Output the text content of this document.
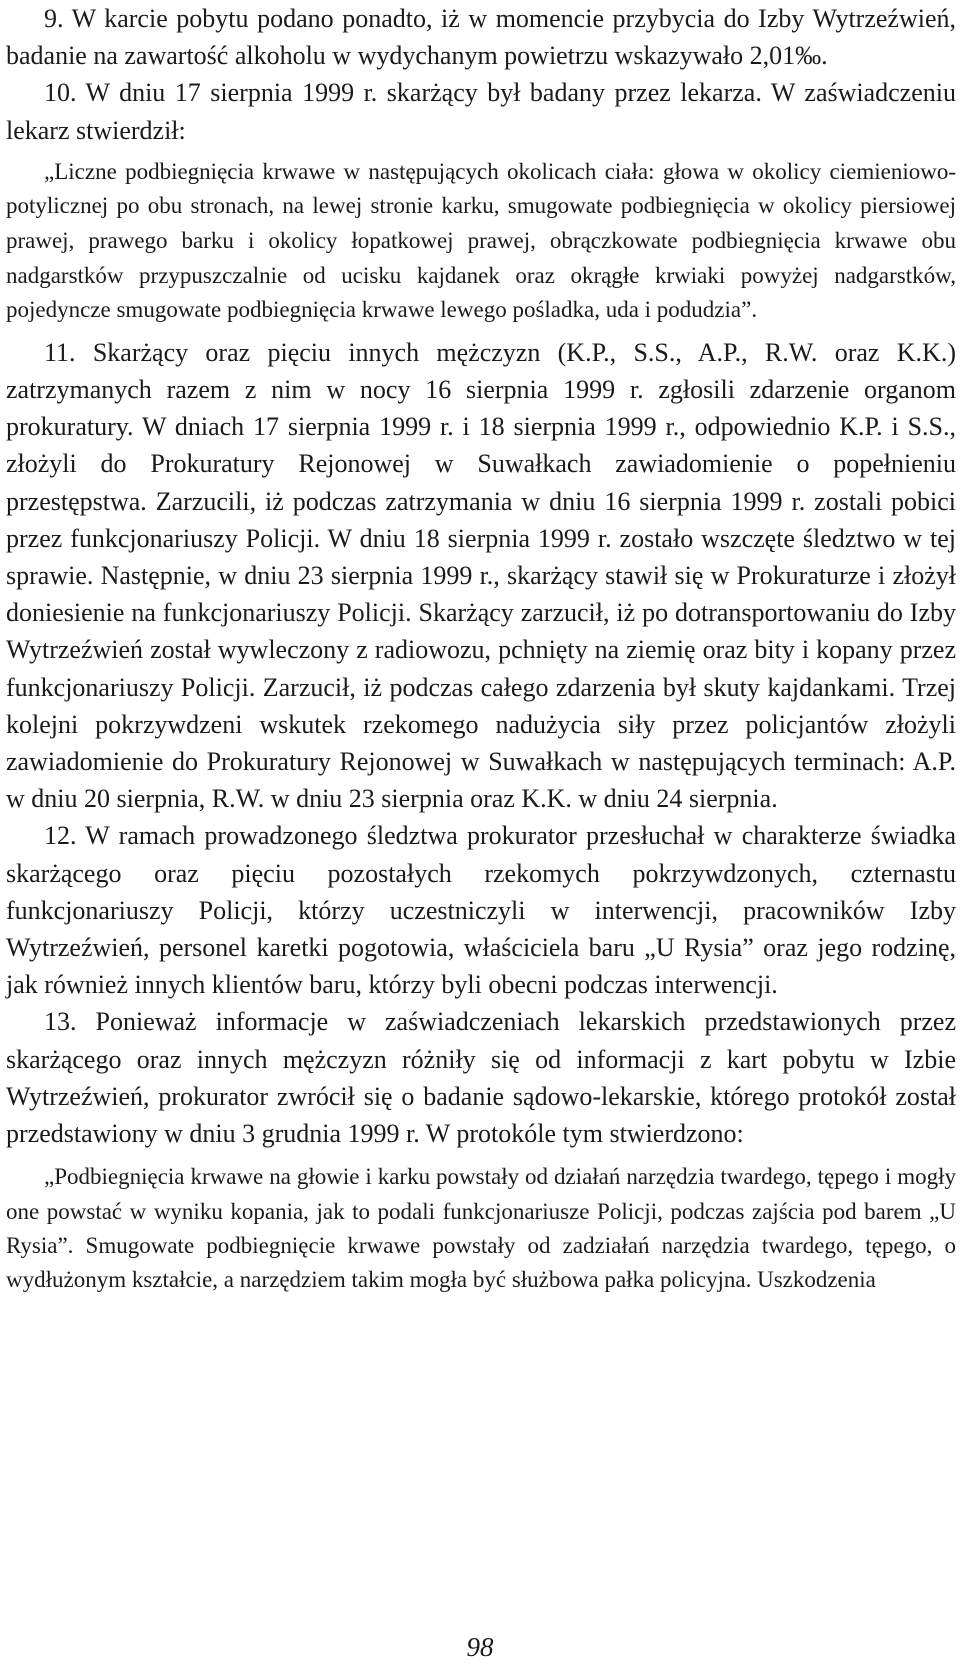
9. W karcie pobytu podano ponadto, iż w momencie przybycia do Izby Wytrzeźwień, badanie na zawartość alkoholu w wydychanym powietrzu wskazywało 2,01‰.

10. W dniu 17 sierpnia 1999 r. skarżący był badany przez lekarza. W zaświadczeniu lekarz stwierdził:

„Liczne podbiegnięcia krwawe w następujących okolicach ciała: głowa w okolicy ciemieniowo-potylicznej po obu stronach, na lewej stronie karku, smugowate podbiegnięcia w okolicy piersiowej prawej, prawego barku i okolicy łopatkowej prawej, obrączkowate podbiegnięcia krwawe obu nadgarstków przypuszczalnie od ucisku kajdanek oraz okrągłe krwiaki powyżej nadgarstków, pojedyncze smugowate podbiegnięcia krwawe lewego pośladka, uda i podudzia”.

11. Skarżący oraz pięciu innych mężczyzn (K.P., S.S., A.P., R.W. oraz K.K.) zatrzymanych razem z nim w nocy 16 sierpnia 1999 r. zgłosili zdarzenie organom prokuratury. W dniach 17 sierpnia 1999 r. i 18 sierpnia 1999 r., odpowiednio K.P. i S.S., złożyli do Prokuratury Rejonowej w Suwałkach zawiadomienie o popełnieniu przestępstwa. Zarzucili, iż podczas zatrzymania w dniu 16 sierpnia 1999 r. zostali pobici przez funkcjonariuszy Policji. W dniu 18 sierpnia 1999 r. zostało wszczęte śledztwo w tej sprawie. Następnie, w dniu 23 sierpnia 1999 r., skarżący stawił się w Prokuraturze i złożył doniesienie na funkcjonariuszy Policji. Skarżący zarzucił, iż po dotransportowaniu do Izby Wytrzeźwień został wywleczony z radiowozu, pchnięty na ziemię oraz bity i kopany przez funkcjonariuszy Policji. Zarzucił, iż podczas całego zdarzenia był skuty kajdankami. Trzej kolejni pokrzywdzeni wskutek rzekomego nadużycia siły przez policjantów złożyli zawiadomienie do Prokuratury Rejonowej w Suwałkach w następujących terminach: A.P. w dniu 20 sierpnia, R.W. w dniu 23 sierpnia oraz K.K. w dniu 24 sierpnia.

12. W ramach prowadzonego śledztwa prokurator przesłuchał w charakterze świadka skarżącego oraz pięciu pozostałych rzekomych pokrzywdzonych, czternastu funkcjonariuszy Policji, którzy uczestniczyli w interwencji, pracowników Izby Wytrzeźwień, personel karetki pogotowia, właściciela baru „U Rysia” oraz jego rodzinę, jak również innych klientów baru, którzy byli obecni podczas interwencji.

13. Ponieważ informacje w zaświadczeniach lekarskich przedstawionych przez skarżącego oraz innych mężczyzn różniły się od informacji z kart pobytu w Izbie Wytrzeźwień, prokurator zwrócił się o badanie sądowo-lekarskie, którego protokół został przedstawiony w dniu 3 grudnia 1999 r. W protokóle tym stwierdzono:

„Podbiegnięcia krwawe na głowie i karku powstały od działań narzędzia twardego, tępego i mogły one powstać w wyniku kopania, jak to podali funkcjonariusze Policji, podczas zajścia pod barem „U Rysia”. Smugowate podbiegnięcie krwawe powstały od zadziałań narzędzia twardego, tępego, o wydłużonym kształcie, a narzędziem takim mogła być służbowa pałka policyjna. Uszkodzenia

98
